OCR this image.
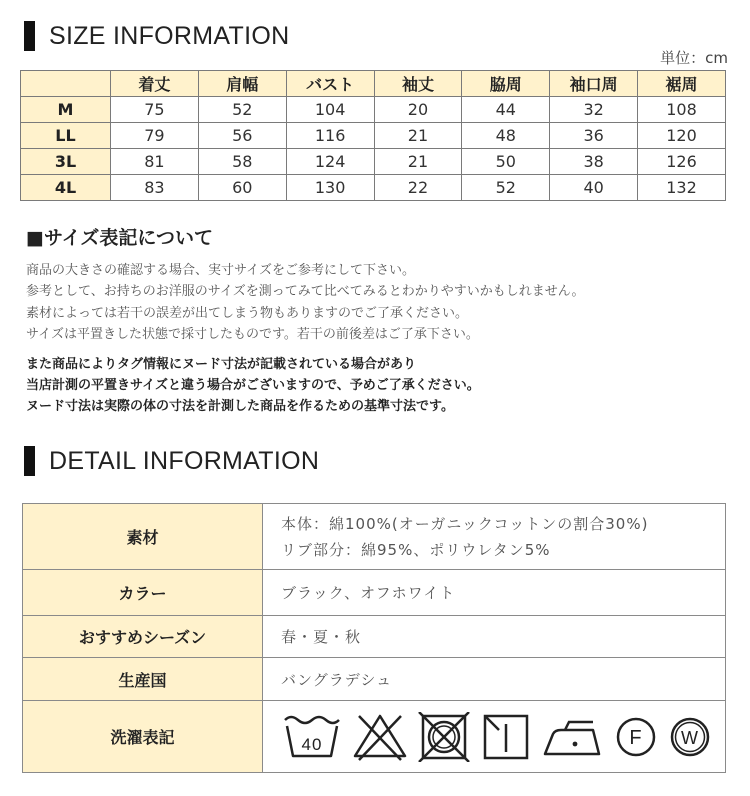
SIZE INFORMATION
単位：cm
	着丈	肩幅	バスト	袖丈	脇周	袖口周	裾周
M	75	52	104	20	44	32	108
LL	79	56	116	21	48	36	120
3L	81	58	124	21	50	38	126
4L	83	60	130	22	52	40	132
■サイズ表記について
商品の大きさの確認する場合、実寸サイズをご参考にして下さい。
参考として、お持ちのお洋服のサイズを測ってみて比べてみるとわかりやすいかもしれません。
素材によっては若干の誤差が出てしまう物もありますのでご了承ください。
サイズは平置きした状態で採寸したものです。若干の前後差はご了承下さい。
また商品によりタグ情報にヌード寸法が記載されている場合があり
当店計測の平置きサイズと違う場合がございますので、予めご了承ください。
ヌード寸法は実際の体の寸法を計測した商品を作るための基準寸法です。
DETAIL INFORMATION
素材	本体：綿100%(オーガニックコットンの割合30%)
リブ部分：綿95%、ポリウレタン5%

カラー	ブラック、オフホワイト
おすすめシーズン	春・夏・秋
生産国	バングラデシュ
洗濯表記	40 F W
